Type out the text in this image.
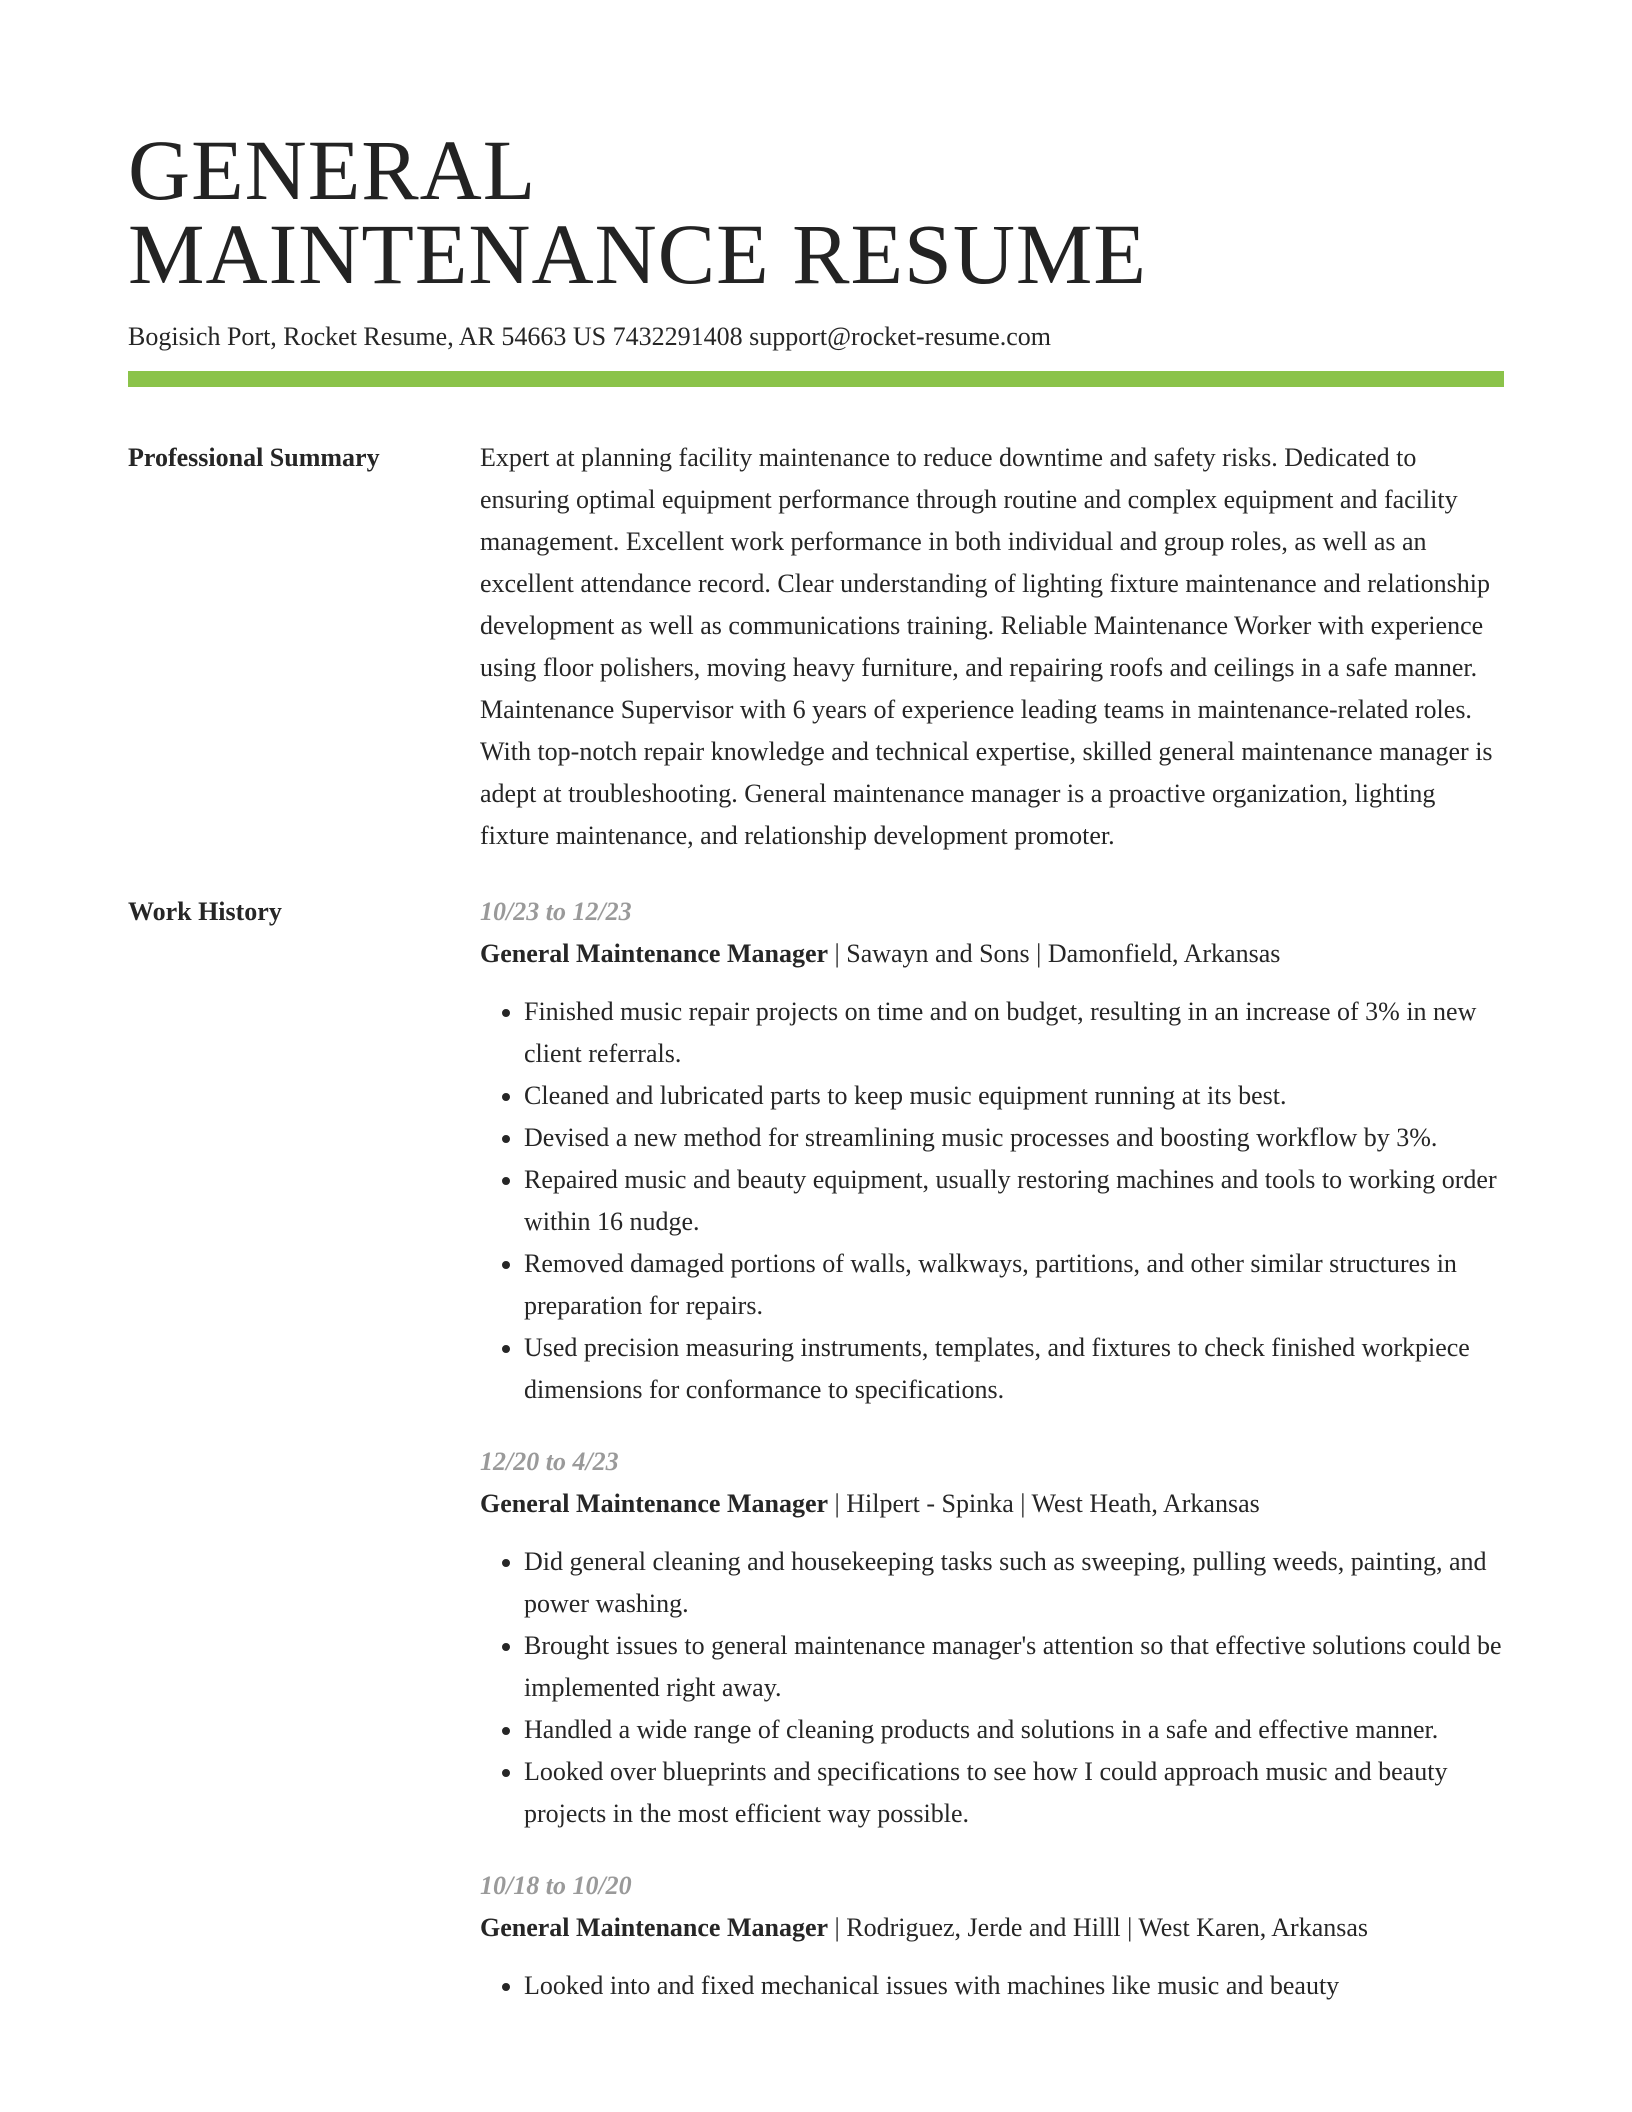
GENERAL
MAINTENANCE RESUME
Bogisich Port, Rocket Resume, AR 54663 US 7432291408 support@rocket-resume.com
Professional Summary	Expert at planning facility maintenance to reduce downtime and safety risks. Dedicated to ensuring optimal equipment performance through routine and complex equipment and facility management. Excellent work performance in both individual and group roles, as well as an excellent attendance record. Clear understanding of lighting fixture maintenance and relationship development as well as communications training. Reliable Maintenance Worker with experience using floor polishers, moving heavy furniture, and repairing roofs and ceilings in a safe manner. Maintenance Supervisor with 6 years of experience leading teams in maintenance-related roles. With top-notch repair knowledge and technical expertise, skilled general maintenance manager is adept at troubleshooting. General maintenance manager is a proactive organization, lighting fixture maintenance, and relationship development promoter.

Work History	10/23 to 12/23
General Maintenance Manager | Sawayn and Sons | Damonfield, Arkansas
• Finished music repair projects on time and on budget, resulting in an increase of 3% in new client referrals.
• Cleaned and lubricated parts to keep music equipment running at its best.
• Devised a new method for streamlining music processes and boosting workflow by 3%.
• Repaired music and beauty equipment, usually restoring machines and tools to working order within 16 nudge.
• Removed damaged portions of walls, walkways, partitions, and other similar structures in preparation for repairs.
• Used precision measuring instruments, templates, and fixtures to check finished workpiece dimensions for conformance to specifications.
12/20 to 4/23
General Maintenance Manager | Hilpert - Spinka | West Heath, Arkansas
• Did general cleaning and housekeeping tasks such as sweeping, pulling weeds, painting, and power washing.
• Brought issues to general maintenance manager's attention so that effective solutions could be implemented right away.
• Handled a wide range of cleaning products and solutions in a safe and effective manner.
• Looked over blueprints and specifications to see how I could approach music and beauty projects in the most efficient way possible.
10/18 to 10/20
General Maintenance Manager | Rodriguez, Jerde and Hilll | West Karen, Arkansas
• Looked into and fixed mechanical issues with machines like music and beauty
